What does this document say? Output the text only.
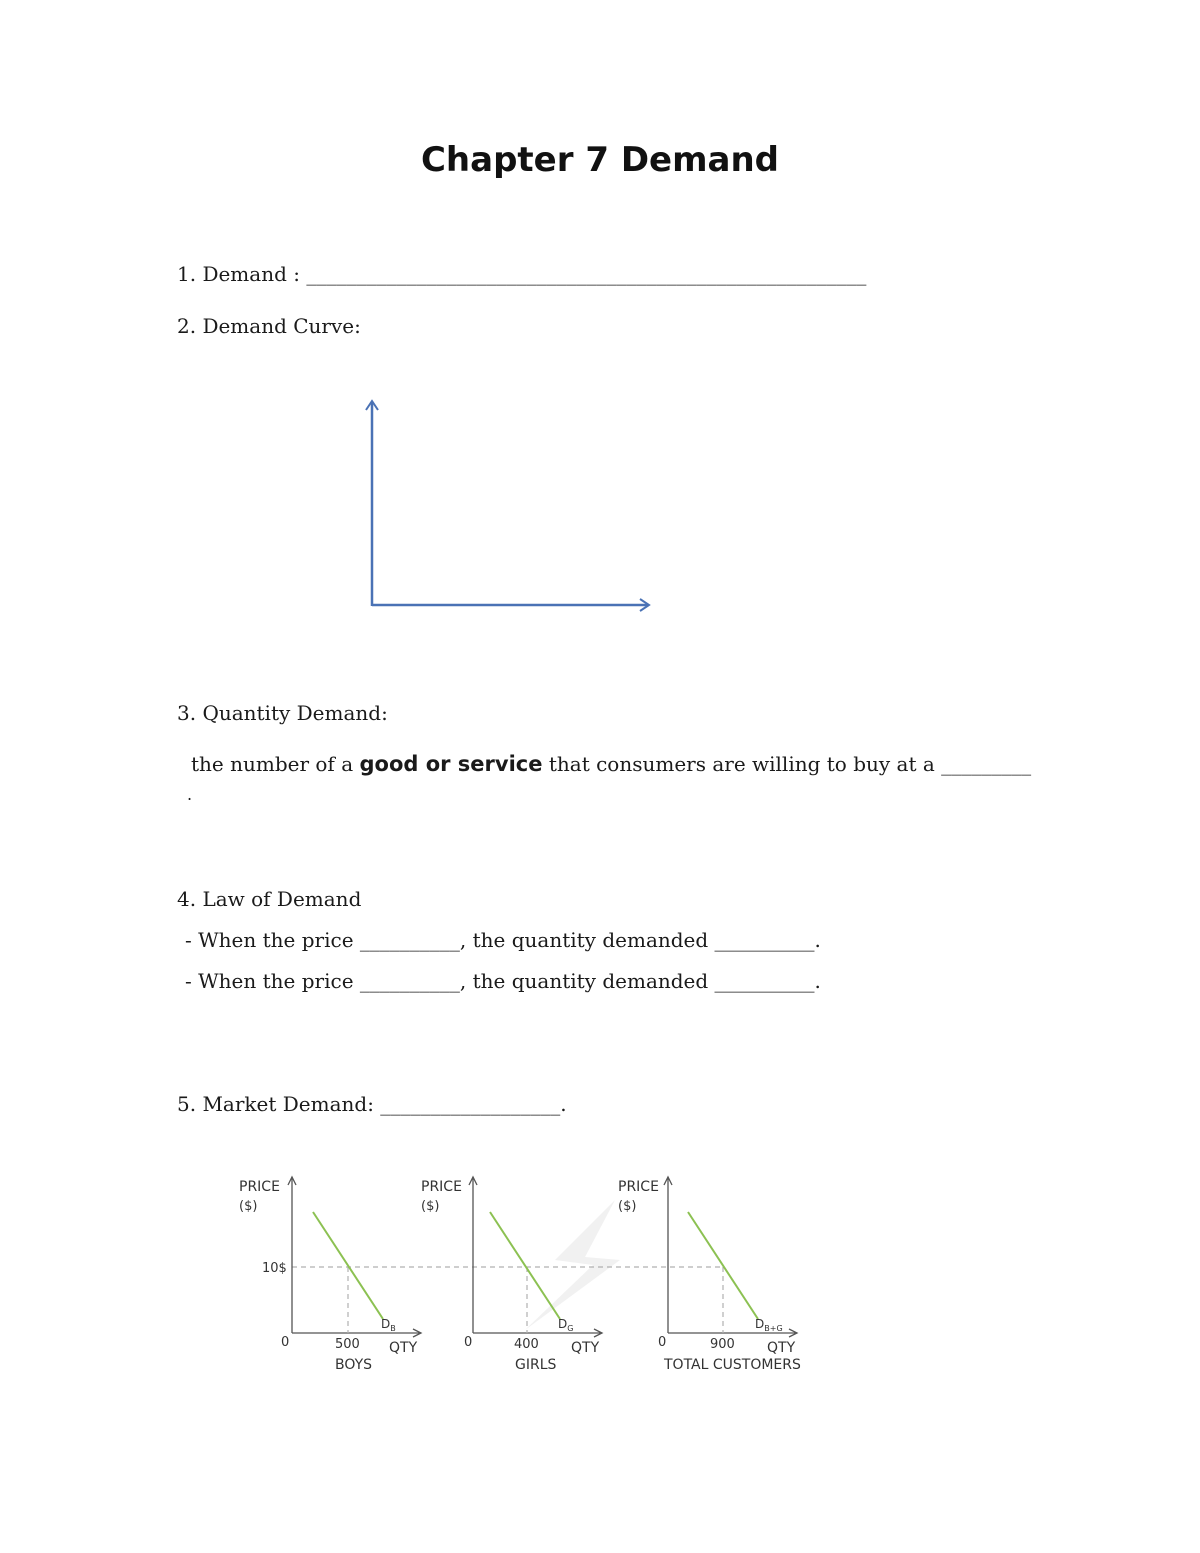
Chapter 7 Demand
1. Demand : ________________________________________________________
2. Demand Curve:
3. Quantity Demand:
the number of a good or service that consumers are willing to buy at a _________
.
4. Law of Demand
- When the price __________, the quantity demanded __________.
- When the price __________, the quantity demanded __________.
5. Market Demand: __________________.
PRICE
($)
10$
0
$D_B$
500 QTY
BOYS
PRICE
($)
0
$D_G$
400 QTY
GIRLS
PRICE
($)
0
$D_{B+G}$
900 QTY
TOTAL CUSTOMERS
